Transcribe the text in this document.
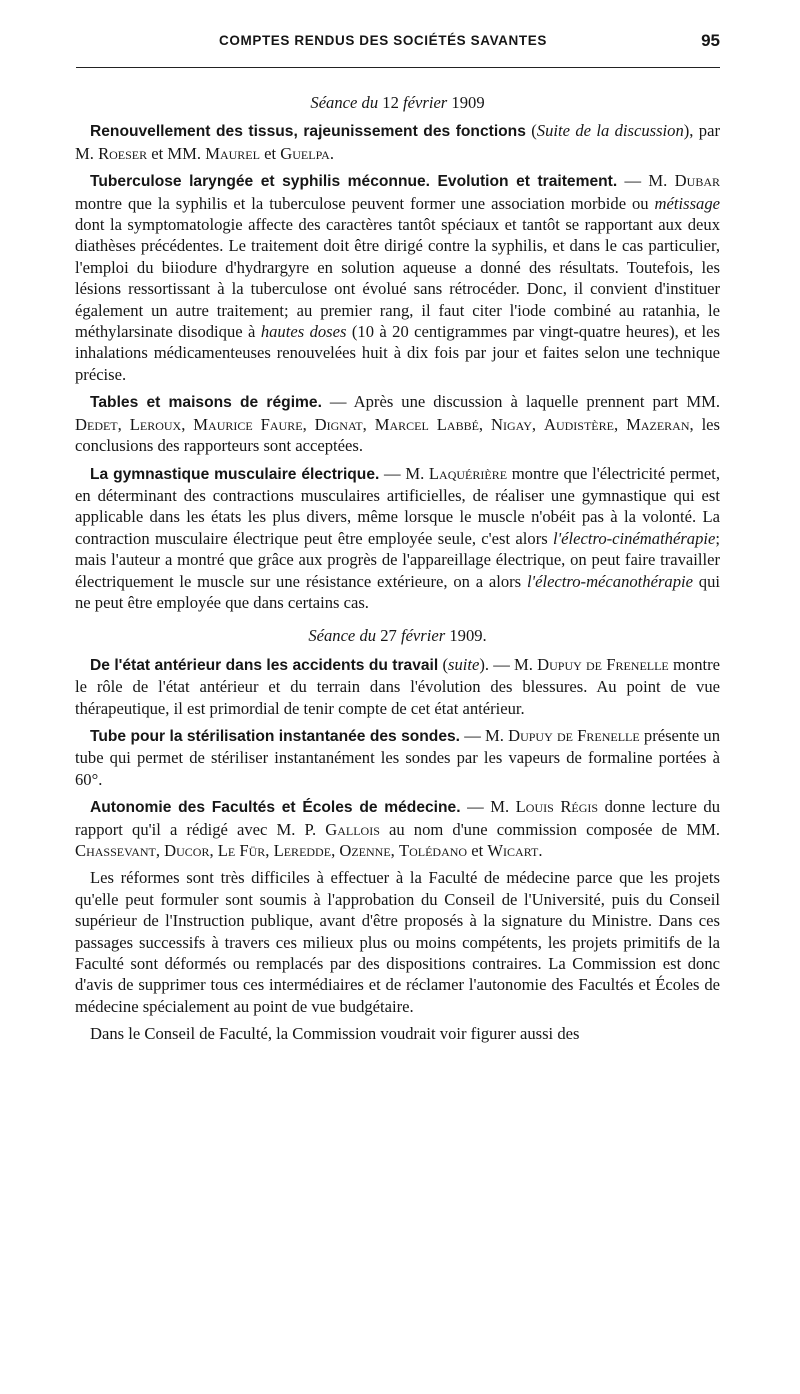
COMPTES RENDUS DES SOCIÉTÉS SAVANTES	95

Séance du 12 février 1909

Renouvellement des tissus, rajeunissement des fonctions (Suite de la discussion), par M. Roeser et MM. Maurel et Guelpa.

Tuberculose laryngée et syphilis méconnue. Evolution et traitement. — M. Dubar montre que la syphilis et la tuberculose peuvent former une association morbide ou métissage dont la symptomatologie affecte des caractères tantôt spéciaux et tantôt se rapportant aux deux diathèses précédentes. Le traitement doit être dirigé contre la syphilis, et dans le cas particulier, l'emploi du biiodure d'hydrargyre en solution aqueuse a donné des résultats. Toutefois, les lésions ressortissant à la tuberculose ont évolué sans rétrocéder. Donc, il convient d'instituer également un autre traitement; au premier rang, il faut citer l'iode combiné au ratanhia, le méthylarsinate disodique à hautes doses (10 à 20 centigrammes par vingt-quatre heures), et les inhalations médicamenteuses renouvelées huit à dix fois par jour et faites selon une technique précise.

Tables et maisons de régime. — Après une discussion à laquelle prennent part MM. Dedet, Leroux, Maurice Faure, Dignat, Marcel Labbé, Nigay, Audistère, Mazeran, les conclusions des rapporteurs sont acceptées.

La gymnastique musculaire électrique. — M. Laquérière montre que l'électricité permet, en déterminant des contractions musculaires artificielles, de réaliser une gymnastique qui est applicable dans les états les plus divers, même lorsque le muscle n'obéit pas à la volonté. La contraction musculaire électrique peut être employée seule, c'est alors l'électro-cinémathérapie; mais l'auteur a montré que grâce aux progrès de l'appareillage électrique, on peut faire travailler électriquement le muscle sur une résistance extérieure, on a alors l'électro-mécanothérapie qui ne peut être employée que dans certains cas.

Séance du 27 février 1909.

De l'état antérieur dans les accidents du travail (suite). — M. Dupuy de Frenelle montre le rôle de l'état antérieur et du terrain dans l'évolution des blessures. Au point de vue thérapeutique, il est primordial de tenir compte de cet état antérieur.

Tube pour la stérilisation instantanée des sondes. — M. Dupuy de Frenelle présente un tube qui permet de stériliser instantanément les sondes par les vapeurs de formaline portées à 60°.

Autonomie des Facultés et Écoles de médecine. — M. Louis Régis donne lecture du rapport qu'il a rédigé avec M. P. Gallois au nom d'une commission composée de MM. Chassevant, Ducor, Le Für, Leredde, Ozenne, Tolédano et Wicart.

Les réformes sont très difficiles à effectuer à la Faculté de médecine parce que les projets qu'elle peut formuler sont soumis à l'approbation du Conseil de l'Université, puis du Conseil supérieur de l'Instruction publique, avant d'être proposés à la signature du Ministre. Dans ces passages successifs à travers ces milieux plus ou moins compétents, les projets primitifs de la Faculté sont déformés ou remplacés par des dispositions contraires. La Commission est donc d'avis de supprimer tous ces intermédiaires et de réclamer l'autonomie des Facultés et Écoles de médecine spécialement au point de vue budgétaire.

Dans le Conseil de Faculté, la Commission voudrait voir figurer aussi des
